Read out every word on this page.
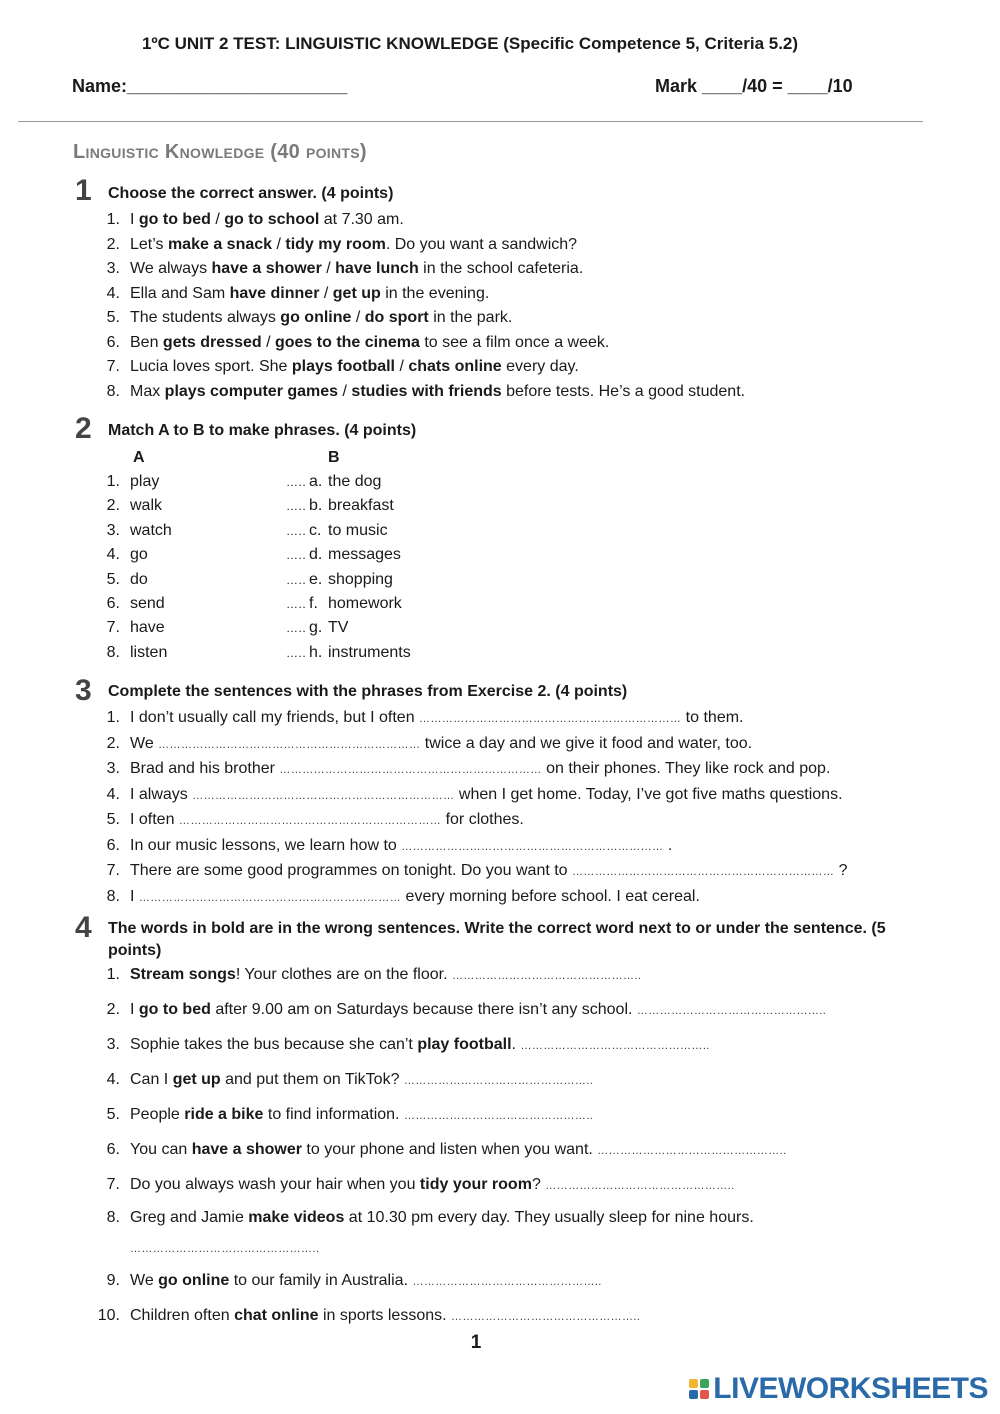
1ºC UNIT 2 TEST: LINGUISTIC KNOWLEDGE (Specific Competence 5, Criteria 5.2)
Name:______________________	Mark ____/40 = ____/10
Linguistic Knowledge (40 points)
1 Choose the correct answer. (4 points)
1. I go to bed / go to school at 7.30 am.
2. Let’s make a snack / tidy my room. Do you want a sandwich?
3. We always have a shower / have lunch in the school cafeteria.
4. Ella and Sam have dinner / get up in the evening.
5. The students always go online / do sport in the park.
6. Ben gets dressed / goes to the cinema to see a film once a week.
7. Lucia loves sport. She plays football / chats online every day.
8. Max plays computer games / studies with friends before tests. He’s a good student.
2 Match A to B to make phrases. (4 points)
A	B
1. play	….. a. the dog
2. walk	….. b. breakfast
3. watch	….. c. to music
4. go	….. d. messages
5. do	….. e. shopping
6. send	….. f. homework
7. have	….. g. TV
8. listen	….. h. instruments
3 Complete the sentences with the phrases from Exercise 2. (4 points)
1. I don’t usually call my friends, but I often …………………………………………………………… to them.
2. We …………………………………………………………… twice a day and we give it food and water, too.
3. Brad and his brother …………………………………………………………… on their phones. They like rock and pop.
4. I always …………………………………………………………… when I get home. Today, I’ve got five maths questions.
5. I often …………………………………………………………… for clothes.
6. In our music lessons, we learn how to …………………………………………………………… .
7. There are some good programmes on tonight. Do you want to …………………………………………………………… ?
8. I …………………………………………………………… every morning before school. I eat cereal.
4 The words in bold are in the wrong sentences. Write the correct word next to or under the sentence. (5 points)
1. Stream songs! Your clothes are on the floor. …………………………………………..
2. I go to bed after 9.00 am on Saturdays because there isn’t any school. …………………………………………..
3. Sophie takes the bus because she can’t play football. …………………………………………..
4. Can I get up and put them on TikTok? …………………………………………..
5. People ride a bike to find information. …………………………………………..
6. You can have a shower to your phone and listen when you want. …………………………………………..
7. Do you always wash your hair when you tidy your room? …………………………………………..
8. Greg and Jamie make videos at 10.30 pm every day. They usually sleep for nine hours.
…………………………………………..
9. We go online to our family in Australia. …………………………………………..
10. Children often chat online in sports lessons. …………………………………………..
1
LIVEWORKSHEETS
